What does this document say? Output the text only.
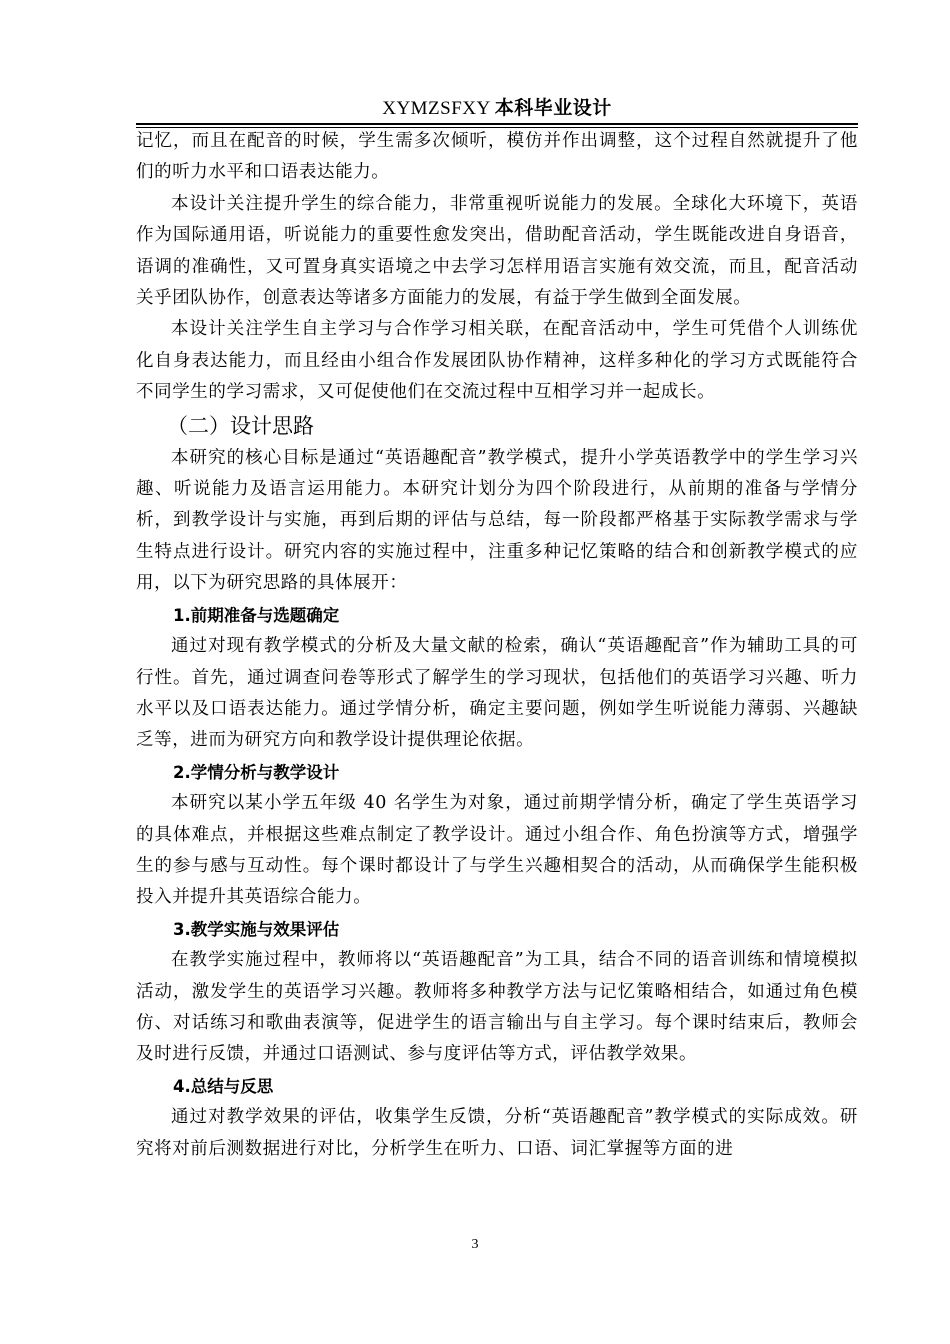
XYMZSFXY 本科毕业设计

记忆，而且在配音的时候，学生需多次倾听，模仿并作出调整，这个过程自然就提升了他们的听力水平和口语表达能力。

本设计关注提升学生的综合能力，非常重视听说能力的发展。全球化大环境下，英语作为国际通用语，听说能力的重要性愈发突出，借助配音活动，学生既能改进自身语音，语调的准确性，又可置身真实语境之中去学习怎样用语言实施有效交流，而且，配音活动关乎团队协作，创意表达等诸多方面能力的发展，有益于学生做到全面发展。

本设计关注学生自主学习与合作学习相关联，在配音活动中，学生可凭借个人训练优化自身表达能力，而且经由小组合作发展团队协作精神，这样多种化的学习方式既能符合不同学生的学习需求，又可促使他们在交流过程中互相学习并一起成长。

（二）设计思路

本研究的核心目标是通过“英语趣配音”教学模式，提升小学英语教学中的学生学习兴趣、听说能力及语言运用能力。本研究计划分为四个阶段进行，从前期的准备与学情分析，到教学设计与实施，再到后期的评估与总结，每一阶段都严格基于实际教学需求与学生特点进行设计。研究内容的实施过程中，注重多种记忆策略的结合和创新教学模式的应用，以下为研究思路的具体展开：

1.前期准备与选题确定

通过对现有教学模式的分析及大量文献的检索，确认“英语趣配音”作为辅助工具的可行性。首先，通过调查问卷等形式了解学生的学习现状，包括他们的英语学习兴趣、听力水平以及口语表达能力。通过学情分析，确定主要问题，例如学生听说能力薄弱、兴趣缺乏等，进而为研究方向和教学设计提供理论依据。

2.学情分析与教学设计

本研究以某小学五年级 40 名学生为对象，通过前期学情分析，确定了学生英语学习的具体难点，并根据这些难点制定了教学设计。通过小组合作、角色扮演等方式，增强学生的参与感与互动性。每个课时都设计了与学生兴趣相契合的活动，从而确保学生能积极投入并提升其英语综合能力。

3.教学实施与效果评估

在教学实施过程中，教师将以“英语趣配音”为工具，结合不同的语音训练和情境模拟活动，激发学生的英语学习兴趣。教师将多种教学方法与记忆策略相结合，如通过角色模仿、对话练习和歌曲表演等，促进学生的语言输出与自主学习。每个课时结束后，教师会及时进行反馈，并通过口语测试、参与度评估等方式，评估教学效果。

4.总结与反思

通过对教学效果的评估，收集学生反馈，分析“英语趣配音”教学模式的实际成效。研究将对前后测数据进行对比，分析学生在听力、口语、词汇掌握等方面的进

3
